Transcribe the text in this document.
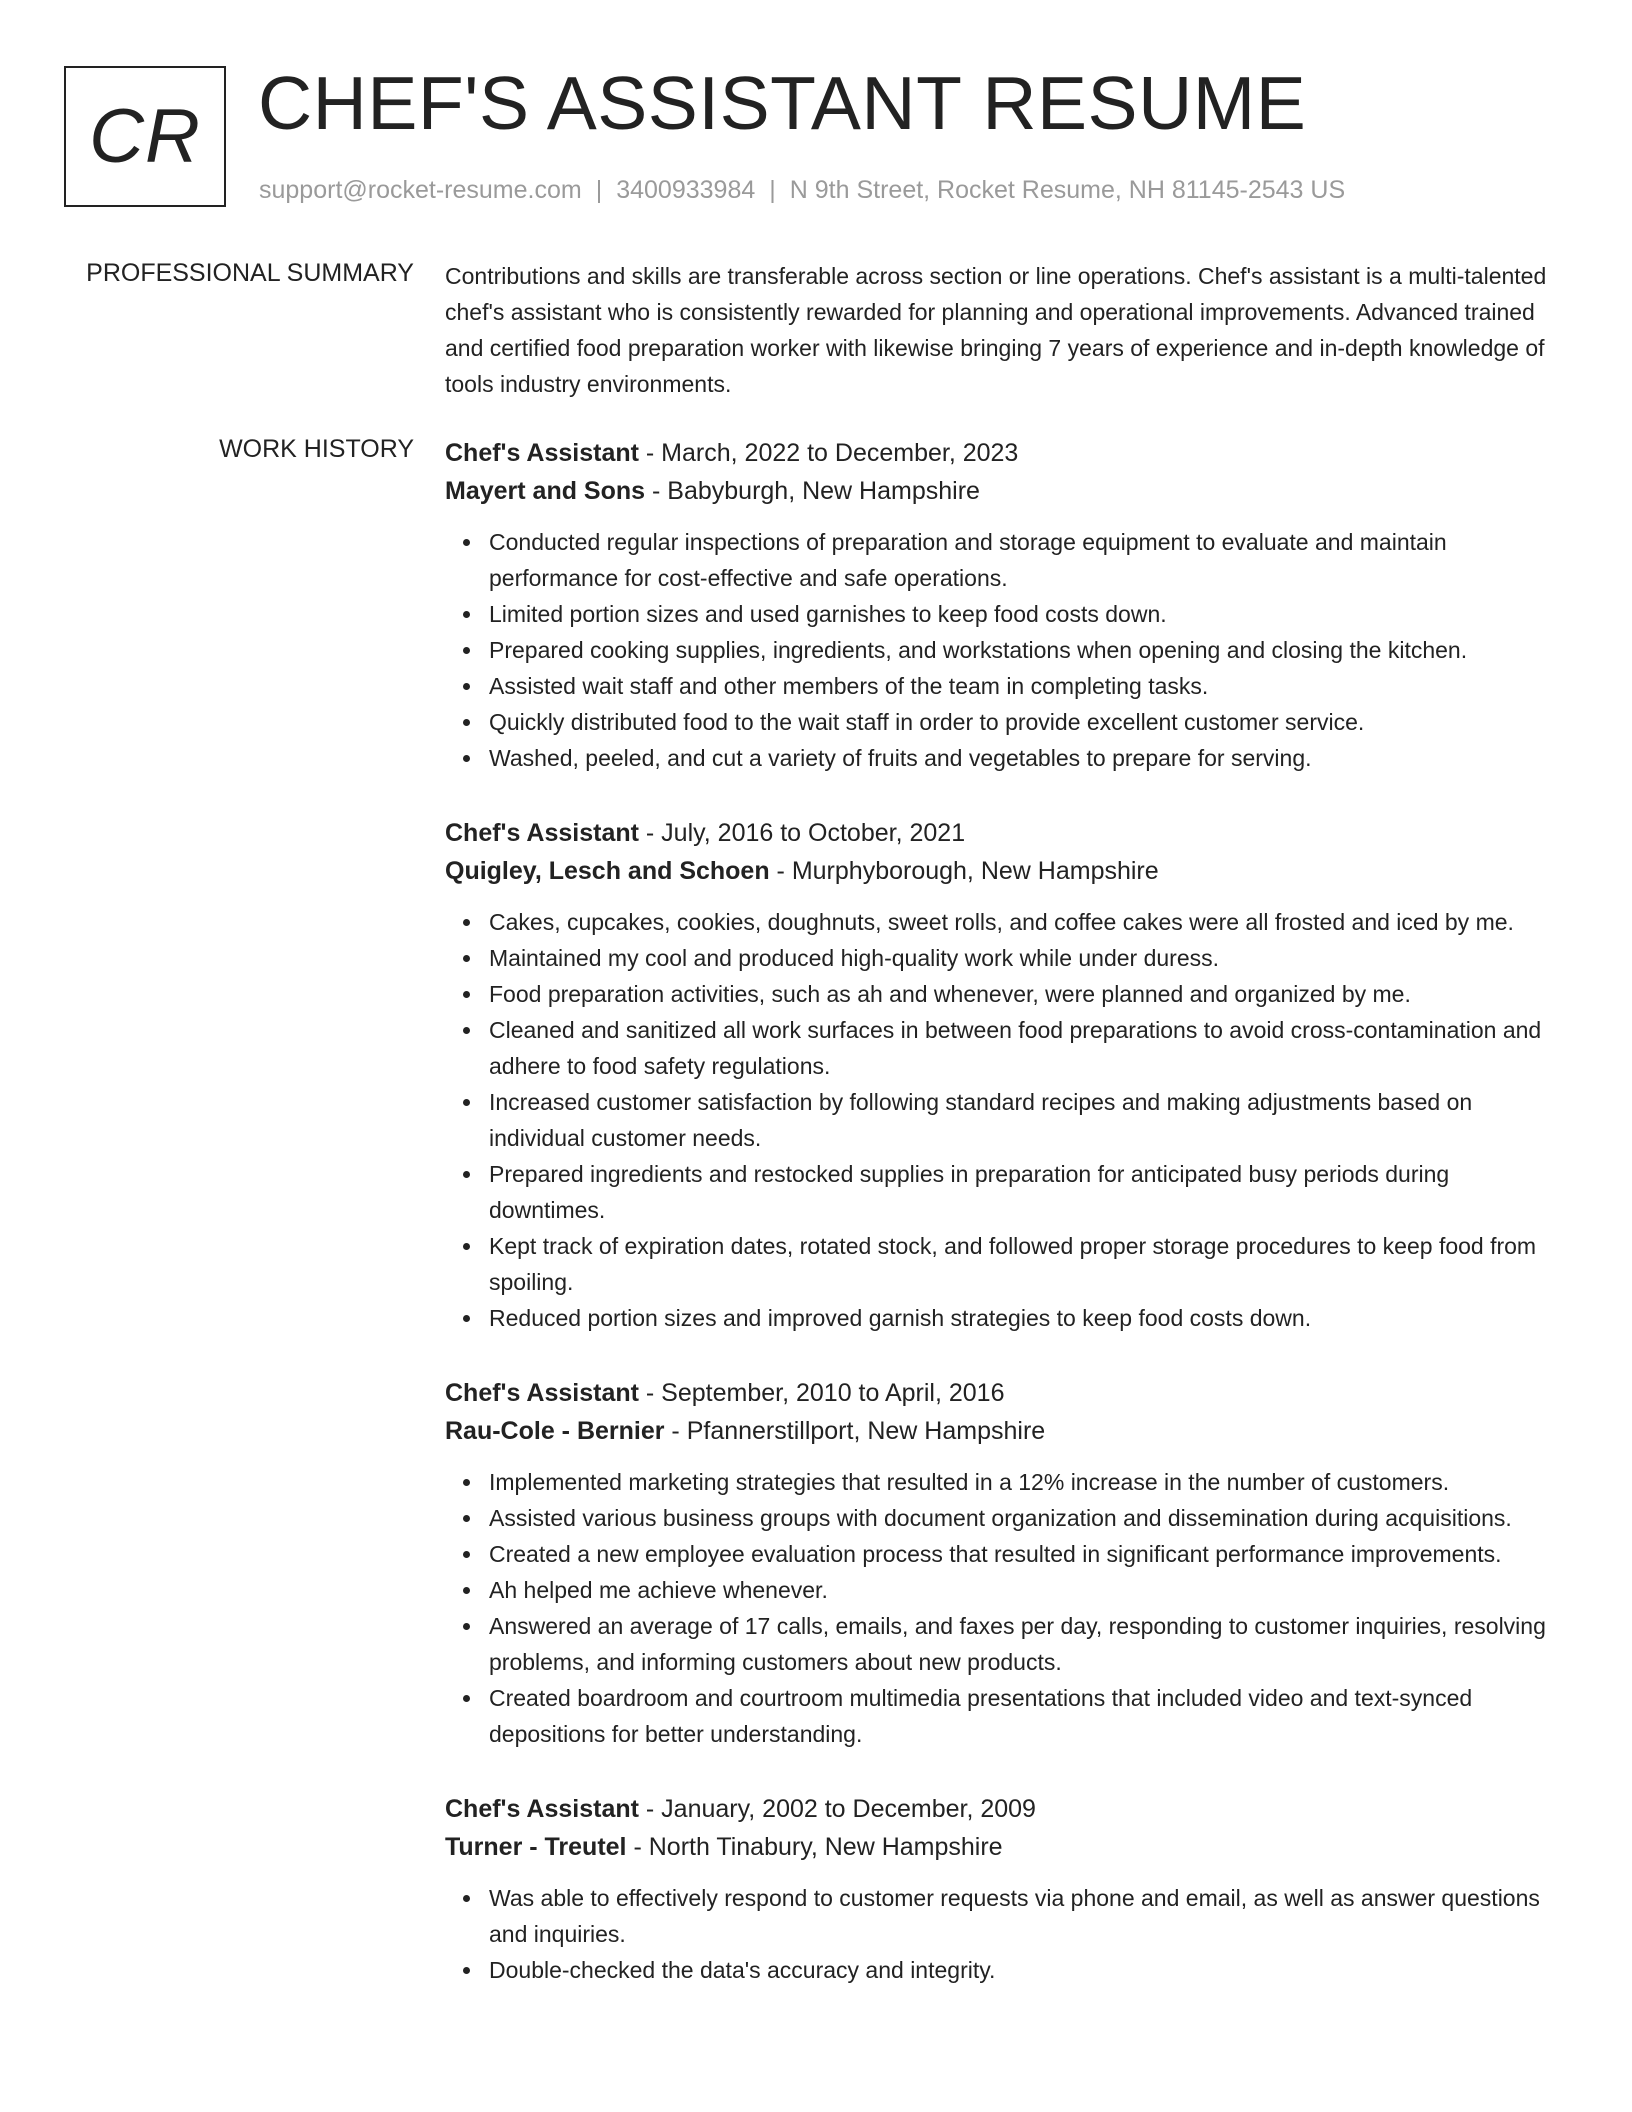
CR CHEF'S ASSISTANT RESUME
support@rocket-resume.com | 3400933984 | N 9th Street, Rocket Resume, NH 81145-2543 US
PROFESSIONAL SUMMARY Contributions and skills are transferable across section or line operations. Chef's assistant is a multi-talented chef's assistant who is consistently rewarded for planning and operational improvements. Advanced trained and certified food preparation worker with likewise bringing 7 years of experience and in-depth knowledge of tools industry environments.
WORK HISTORY Chef's Assistant - March, 2022 to December, 2023
Mayert and Sons - Babyburgh, New Hampshire
Conducted regular inspections of preparation and storage equipment to evaluate and maintain performance for cost-effective and safe operations.
Limited portion sizes and used garnishes to keep food costs down.
Prepared cooking supplies, ingredients, and workstations when opening and closing the kitchen.
Assisted wait staff and other members of the team in completing tasks.
Quickly distributed food to the wait staff in order to provide excellent customer service.
Washed, peeled, and cut a variety of fruits and vegetables to prepare for serving.
Chef's Assistant - July, 2016 to October, 2021
Quigley, Lesch and Schoen - Murphyborough, New Hampshire
Cakes, cupcakes, cookies, doughnuts, sweet rolls, and coffee cakes were all frosted and iced by me.
Maintained my cool and produced high-quality work while under duress.
Food preparation activities, such as ah and whenever, were planned and organized by me.
Cleaned and sanitized all work surfaces in between food preparations to avoid cross-contamination and adhere to food safety regulations.
Increased customer satisfaction by following standard recipes and making adjustments based on individual customer needs.
Prepared ingredients and restocked supplies in preparation for anticipated busy periods during downtimes.
Kept track of expiration dates, rotated stock, and followed proper storage procedures to keep food from spoiling.
Reduced portion sizes and improved garnish strategies to keep food costs down.
Chef's Assistant - September, 2010 to April, 2016
Rau-Cole - Bernier - Pfannerstillport, New Hampshire
Implemented marketing strategies that resulted in a 12% increase in the number of customers.
Assisted various business groups with document organization and dissemination during acquisitions.
Created a new employee evaluation process that resulted in significant performance improvements.
Ah helped me achieve whenever.
Answered an average of 17 calls, emails, and faxes per day, responding to customer inquiries, resolving problems, and informing customers about new products.
Created boardroom and courtroom multimedia presentations that included video and text-synced depositions for better understanding.
Chef's Assistant - January, 2002 to December, 2009
Turner - Treutel - North Tinabury, New Hampshire
Was able to effectively respond to customer requests via phone and email, as well as answer questions and inquiries.
Double-checked the data's accuracy and integrity.
